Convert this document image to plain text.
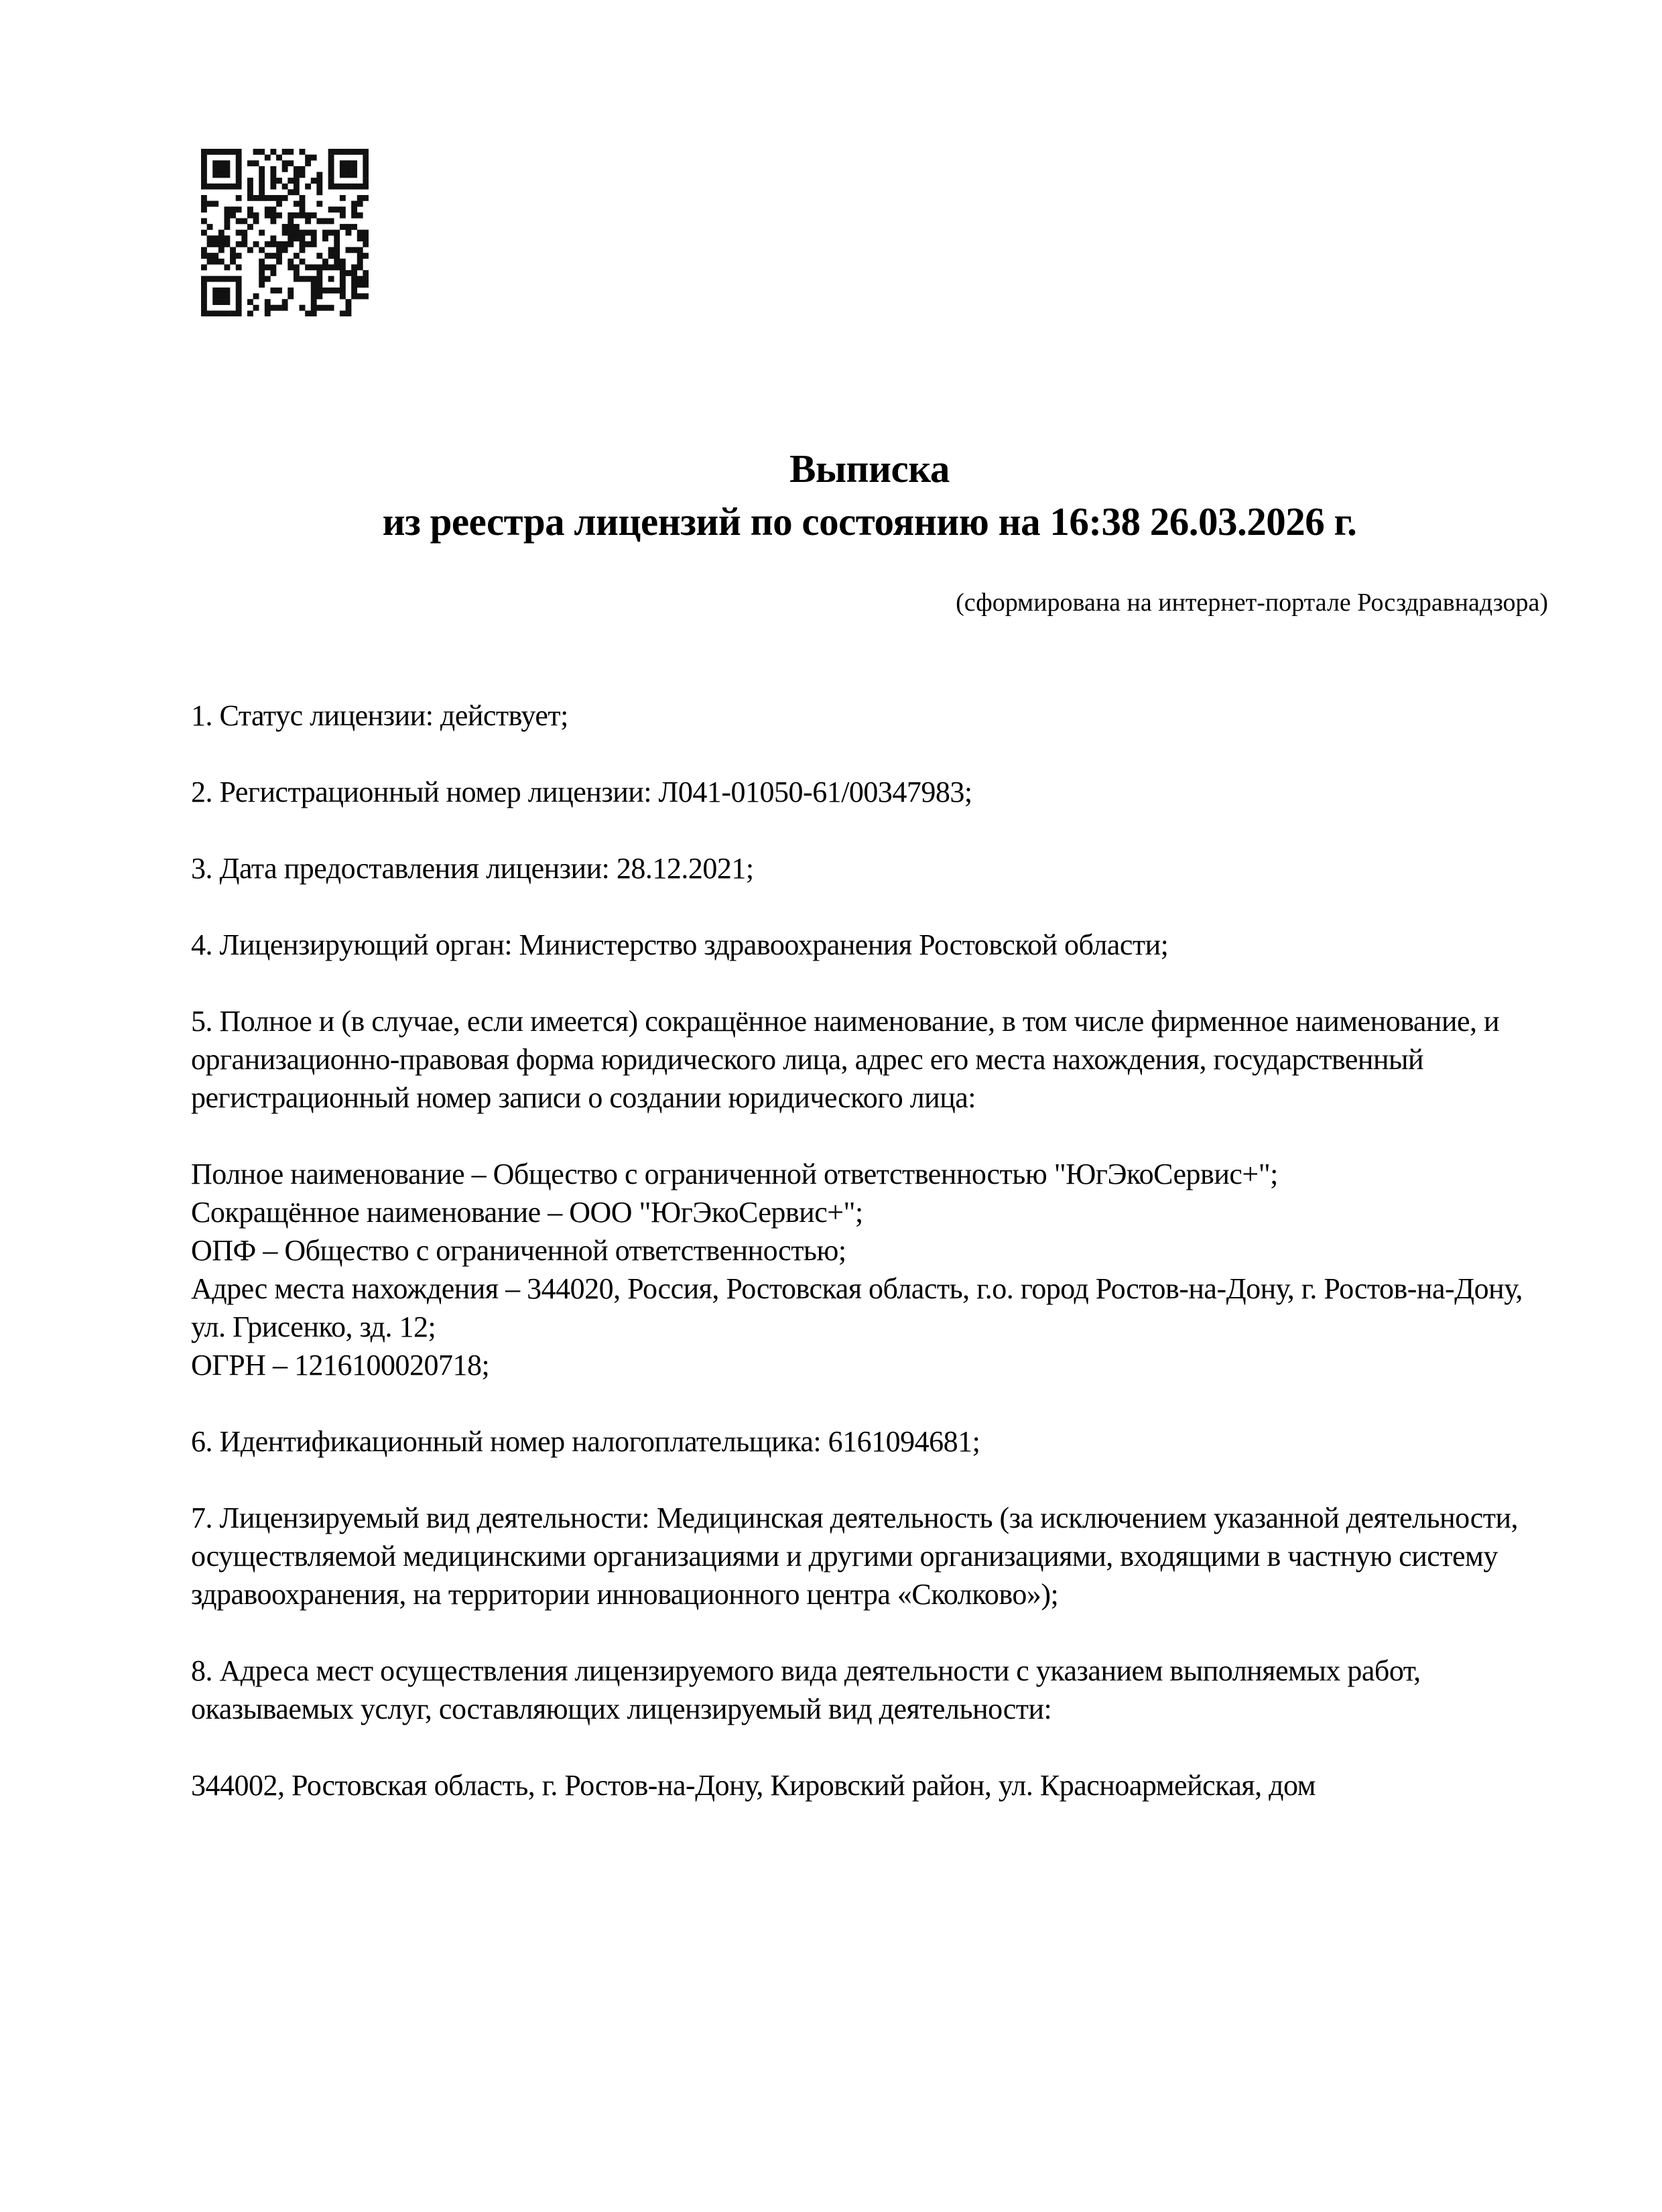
Выписка
из реестра лицензий по состоянию на 16:38 26.03.2026 г.
(сформирована на интернет-портале Росздравнадзора)
1. Статус лицензии: действует;
2. Регистрационный номер лицензии: Л041-01050-61/00347983;
3. Дата предоставления лицензии: 28.12.2021;
4. Лицензирующий орган: Министерство здравоохранения Ростовской области;
5. Полное и (в случае, если имеется) сокращённое наименование, в том числе фирменное наименование, и организационно-правовая форма юридического лица, адрес его места нахождения, государственный регистрационный номер записи о создании юридического лица:
Полное наименование – Общество с ограниченной ответственностью "ЮгЭкоСервис+";
Сокращённое наименование – ООО "ЮгЭкоСервис+";
ОПФ – Общество с ограниченной ответственностью;
Адрес места нахождения – 344020, Россия, Ростовская область, г.о. город Ростов-на-Дону, г. Ростов-на-Дону, ул. Грисенко, зд. 12;
ОГРН – 1216100020718;
6. Идентификационный номер налогоплательщика: 6161094681;
7. Лицензируемый вид деятельности: Медицинская деятельность (за исключением указанной деятельности, осуществляемой медицинскими организациями и другими организациями, входящими в частную систему здравоохранения, на территории инновационного центра «Сколково»);
8. Адреса мест осуществления лицензируемого вида деятельности с указанием выполняемых работ, оказываемых услуг, составляющих лицензируемый вид деятельности:
344002, Ростовская область, г. Ростов-на-Дону, Кировский район, ул. Красноармейская, дом
